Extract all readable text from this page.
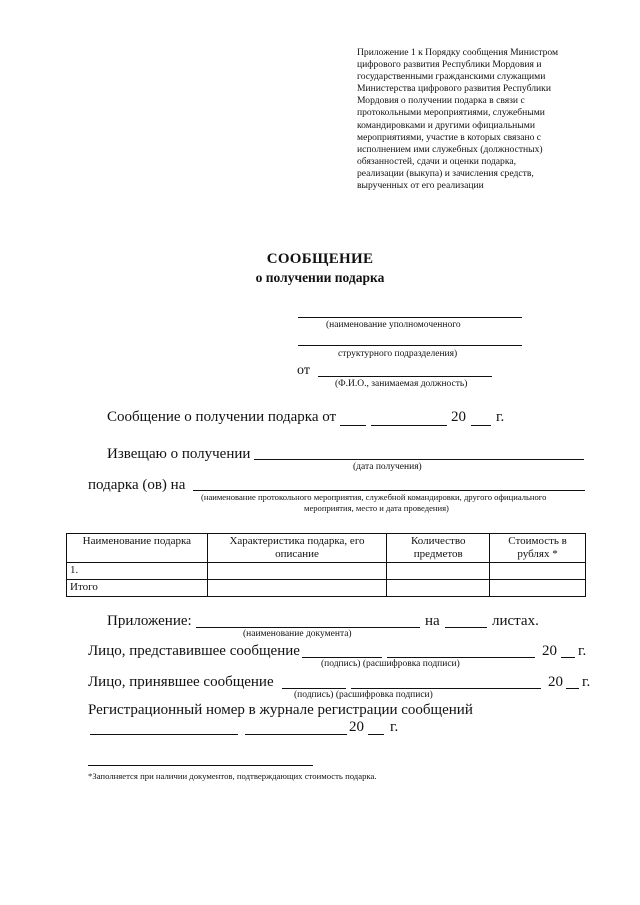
Приложение 1 к Порядку сообщения Министром
цифрового развития Республики Мордовия и
государственными гражданскими служащими
Министерства цифрового развития Республики
Мордовия о получении подарка в связи с
протокольными мероприятиями, служебными
командировками и другими официальными
мероприятиями, участие в которых связано с
исполнением ими служебных (должностных)
обязанностей, сдачи и оценки подарка,
реализации (выкупа) и зачисления средств,
вырученных от его реализации
СООБЩЕНИЕ
о получении подарка
(наименование уполномоченного
структурного подразделения)
от
(Ф.И.О., занимаемая должность)
Сообщение о получении подарка от	20 г.
Извещаю о получении
(дата получения)
подарка (ов) на
(наименование протокольного мероприятия, служебной командировки, другого официального
мероприятия, место и дата проведения)
Наименование подарка	Характеристика подарка, его описание	Количество предметов	Стоимость в рублях *
1.			
Итого			
Приложение:	на	листах.
(наименование документа)
Лицо, представившее сообщение	20 г.
(подпись) (расшифровка подписи)
Лицо, принявшее сообщение	20 г.
(подпись) (расшифровка подписи)
Регистрационный номер в журнале регистрации сообщений
20 г.
*Заполняется при наличии документов, подтверждающих стоимость подарка.
